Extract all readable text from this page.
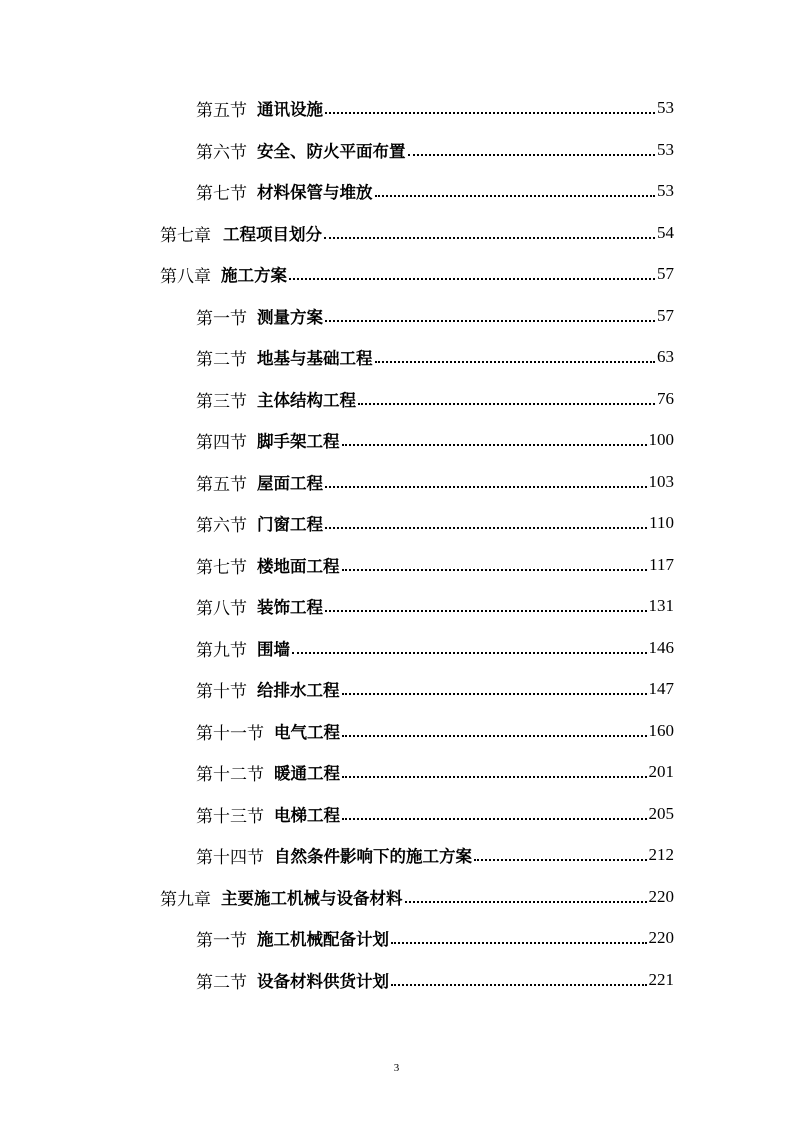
第五节 通讯设施	53
第六节 安全、防火平面布置	53
第七节 材料保管与堆放	53
第七章 工程项目划分	54
第八章 施工方案	57
第一节 测量方案	57
第二节 地基与基础工程	63
第三节 主体结构工程	76
第四节 脚手架工程	100
第五节 屋面工程	103
第六节 门窗工程	110
第七节 楼地面工程	117
第八节 装饰工程	131
第九节 围墙	146
第十节 给排水工程	147
第十一节 电气工程	160
第十二节 暖通工程	201
第十三节 电梯工程	205
第十四节 自然条件影响下的施工方案	212
第九章 主要施工机械与设备材料	220
第一节 施工机械配备计划	220
第二节 设备材料供货计划	221
3
